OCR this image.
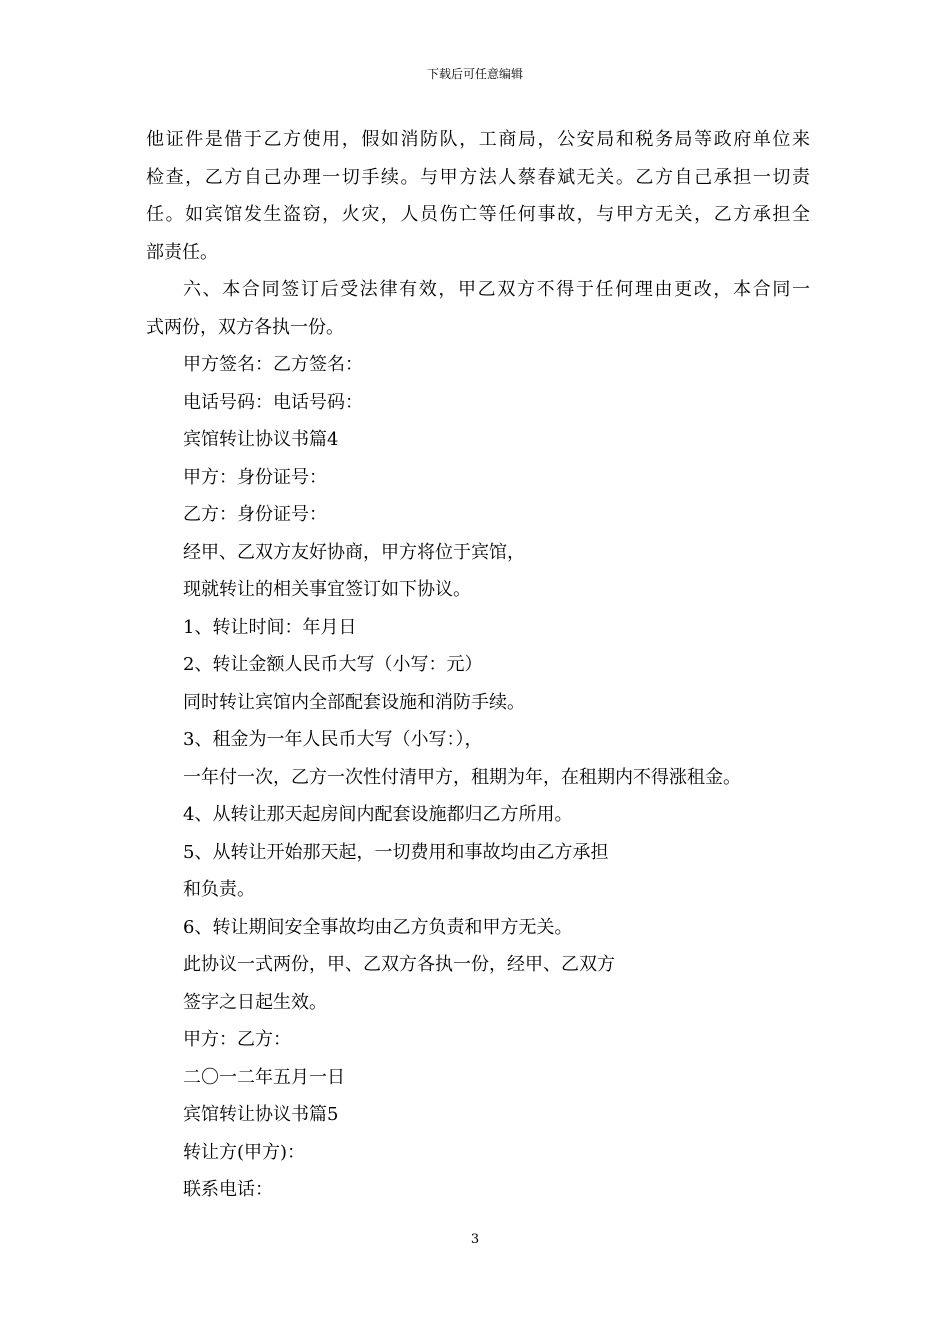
下载后可任意编辑
他证件是借于乙方使用，假如消防队，工商局，公安局和税务局等政府单位来
检查，乙方自己办理一切手续。与甲方法人蔡春斌无关。乙方自己承担一切责
任。如宾馆发生盗窃，火灾，人员伤亡等任何事故，与甲方无关，乙方承担全
部责任。
六、本合同签订后受法律有效，甲乙双方不得于任何理由更改，本合同一
式两份，双方各执一份。
甲方签名：乙方签名：
电话号码：电话号码：
宾馆转让协议书篇4
甲方：身份证号：
乙方：身份证号：
经甲、乙双方友好协商，甲方将位于宾馆，
现就转让的相关事宜签订如下协议。
1、转让时间：年月日
2、转让金额人民币大写（小写：元）
同时转让宾馆内全部配套设施和消防手续。
3、租金为一年人民币大写（小写：），
一年付一次，乙方一次性付清甲方，租期为年，在租期内不得涨租金。
4、从转让那天起房间内配套设施都归乙方所用。
5、从转让开始那天起，一切费用和事故均由乙方承担
和负责。
6、转让期间安全事故均由乙方负责和甲方无关。
此协议一式两份，甲、乙双方各执一份，经甲、乙双方
签字之日起生效。
甲方：乙方：
二〇一二年五月一日
宾馆转让协议书篇5
转让方(甲方)：
联系电话：
3
